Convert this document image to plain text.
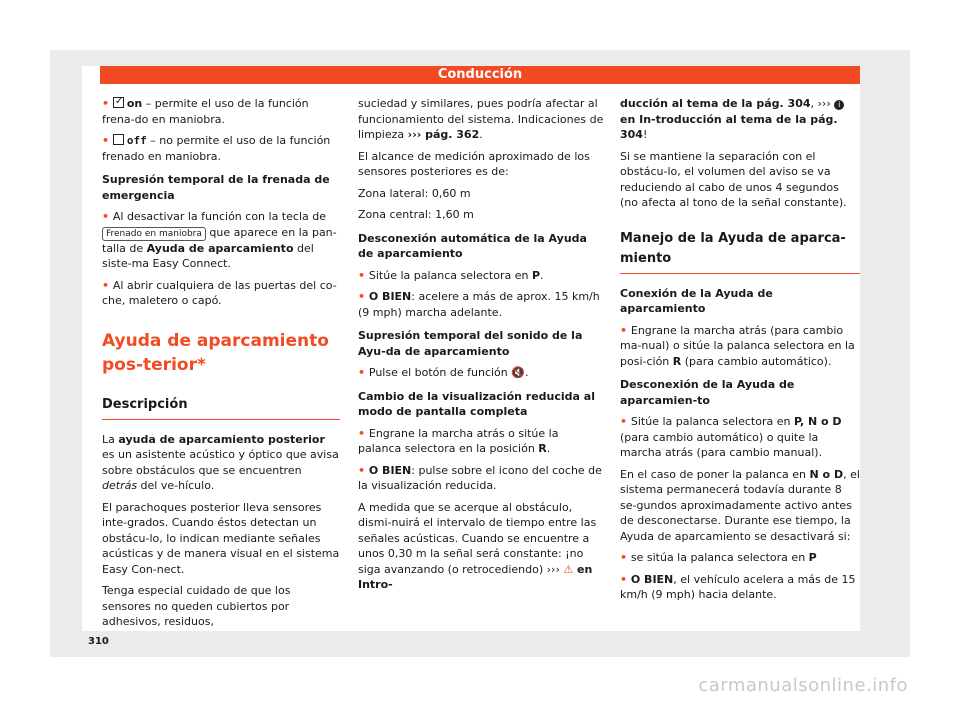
Conducción

✓• on – permite el uso de la función frena-do en maniobra.

• off – no permite el uso de la función frenado en maniobra.

Supresión temporal de la frenada de emergencia

• Al desactivar la función con la tecla de Frenado en maniobra que aparece en la pan-talla de Ayuda de aparcamiento del siste-ma Easy Connect.

• Al abrir cualquiera de las puertas del co-che, maletero o capó.

Ayuda de aparcamiento pos-terior*
Descripción

La ayuda de aparcamiento posterior es un asistente acústico y óptico que avisa sobre obstáculos que se encuentren detrás del ve-hículo.

El parachoques posterior lleva sensores inte-grados. Cuando éstos detectan un obstácu-lo, lo indican mediante señales acústicas y de manera visual en el sistema Easy Con-nect.

Tenga especial cuidado de que los sensores no queden cubiertos por adhesivos, residuos,

suciedad y similares, pues podría afectar al funcionamiento del sistema. Indicaciones de limpieza ››› pág. 362.

El alcance de medición aproximado de los sensores posteriores es de:

Zona lateral: 0,60 m

Zona central: 1,60 m

Desconexión automática de la Ayuda de aparcamiento

• Sitúe la palanca selectora en P.

• O BIEN: acelere a más de aprox. 15 km/h (9 mph) marcha adelante.

Supresión temporal del sonido de la Ayu-da de aparcamiento

• Pulse el botón de función 🔇.

Cambio de la visualización reducida al modo de pantalla completa

• Engrane la marcha atrás o sitúe la palanca selectora en la posición R.

• O BIEN: pulse sobre el icono del coche de la visualización reducida.

A medida que se acerque al obstáculo, dismi-nuirá el intervalo de tiempo entre las señales acústicas. Cuando se encuentre a unos 0,30 m la señal será constante: ¡no siga avanzando (o retrocediendo) ››› ⚠ en Intro-

ducción al tema de la pág. 304, ››› i en In-troducción al tema de la pág. 304!

Si se mantiene la separación con el obstácu-lo, el volumen del aviso se va reduciendo al cabo de unos 4 segundos (no afecta al tono de la señal constante).

Manejo de la Ayuda de aparca-miento

Conexión de la Ayuda de aparcamiento

• Engrane la marcha atrás (para cambio ma-nual) o sitúe la palanca selectora en la posi-ción R (para cambio automático).

Desconexión de la Ayuda de aparcamien-to

• Sitúe la palanca selectora en P, N o D (para cambio automático) o quite la marcha atrás (para cambio manual).

En el caso de poner la palanca en N o D, el sistema permanecerá todavía durante 8 se-gundos aproximadamente activo antes de desconectarse. Durante ese tiempo, la Ayuda de aparcamiento se desactivará si:

• se sitúa la palanca selectora en P

• O BIEN, el vehículo acelera a más de 15 km/h (9 mph) hacia delante.

310
carmanualsonline.info
